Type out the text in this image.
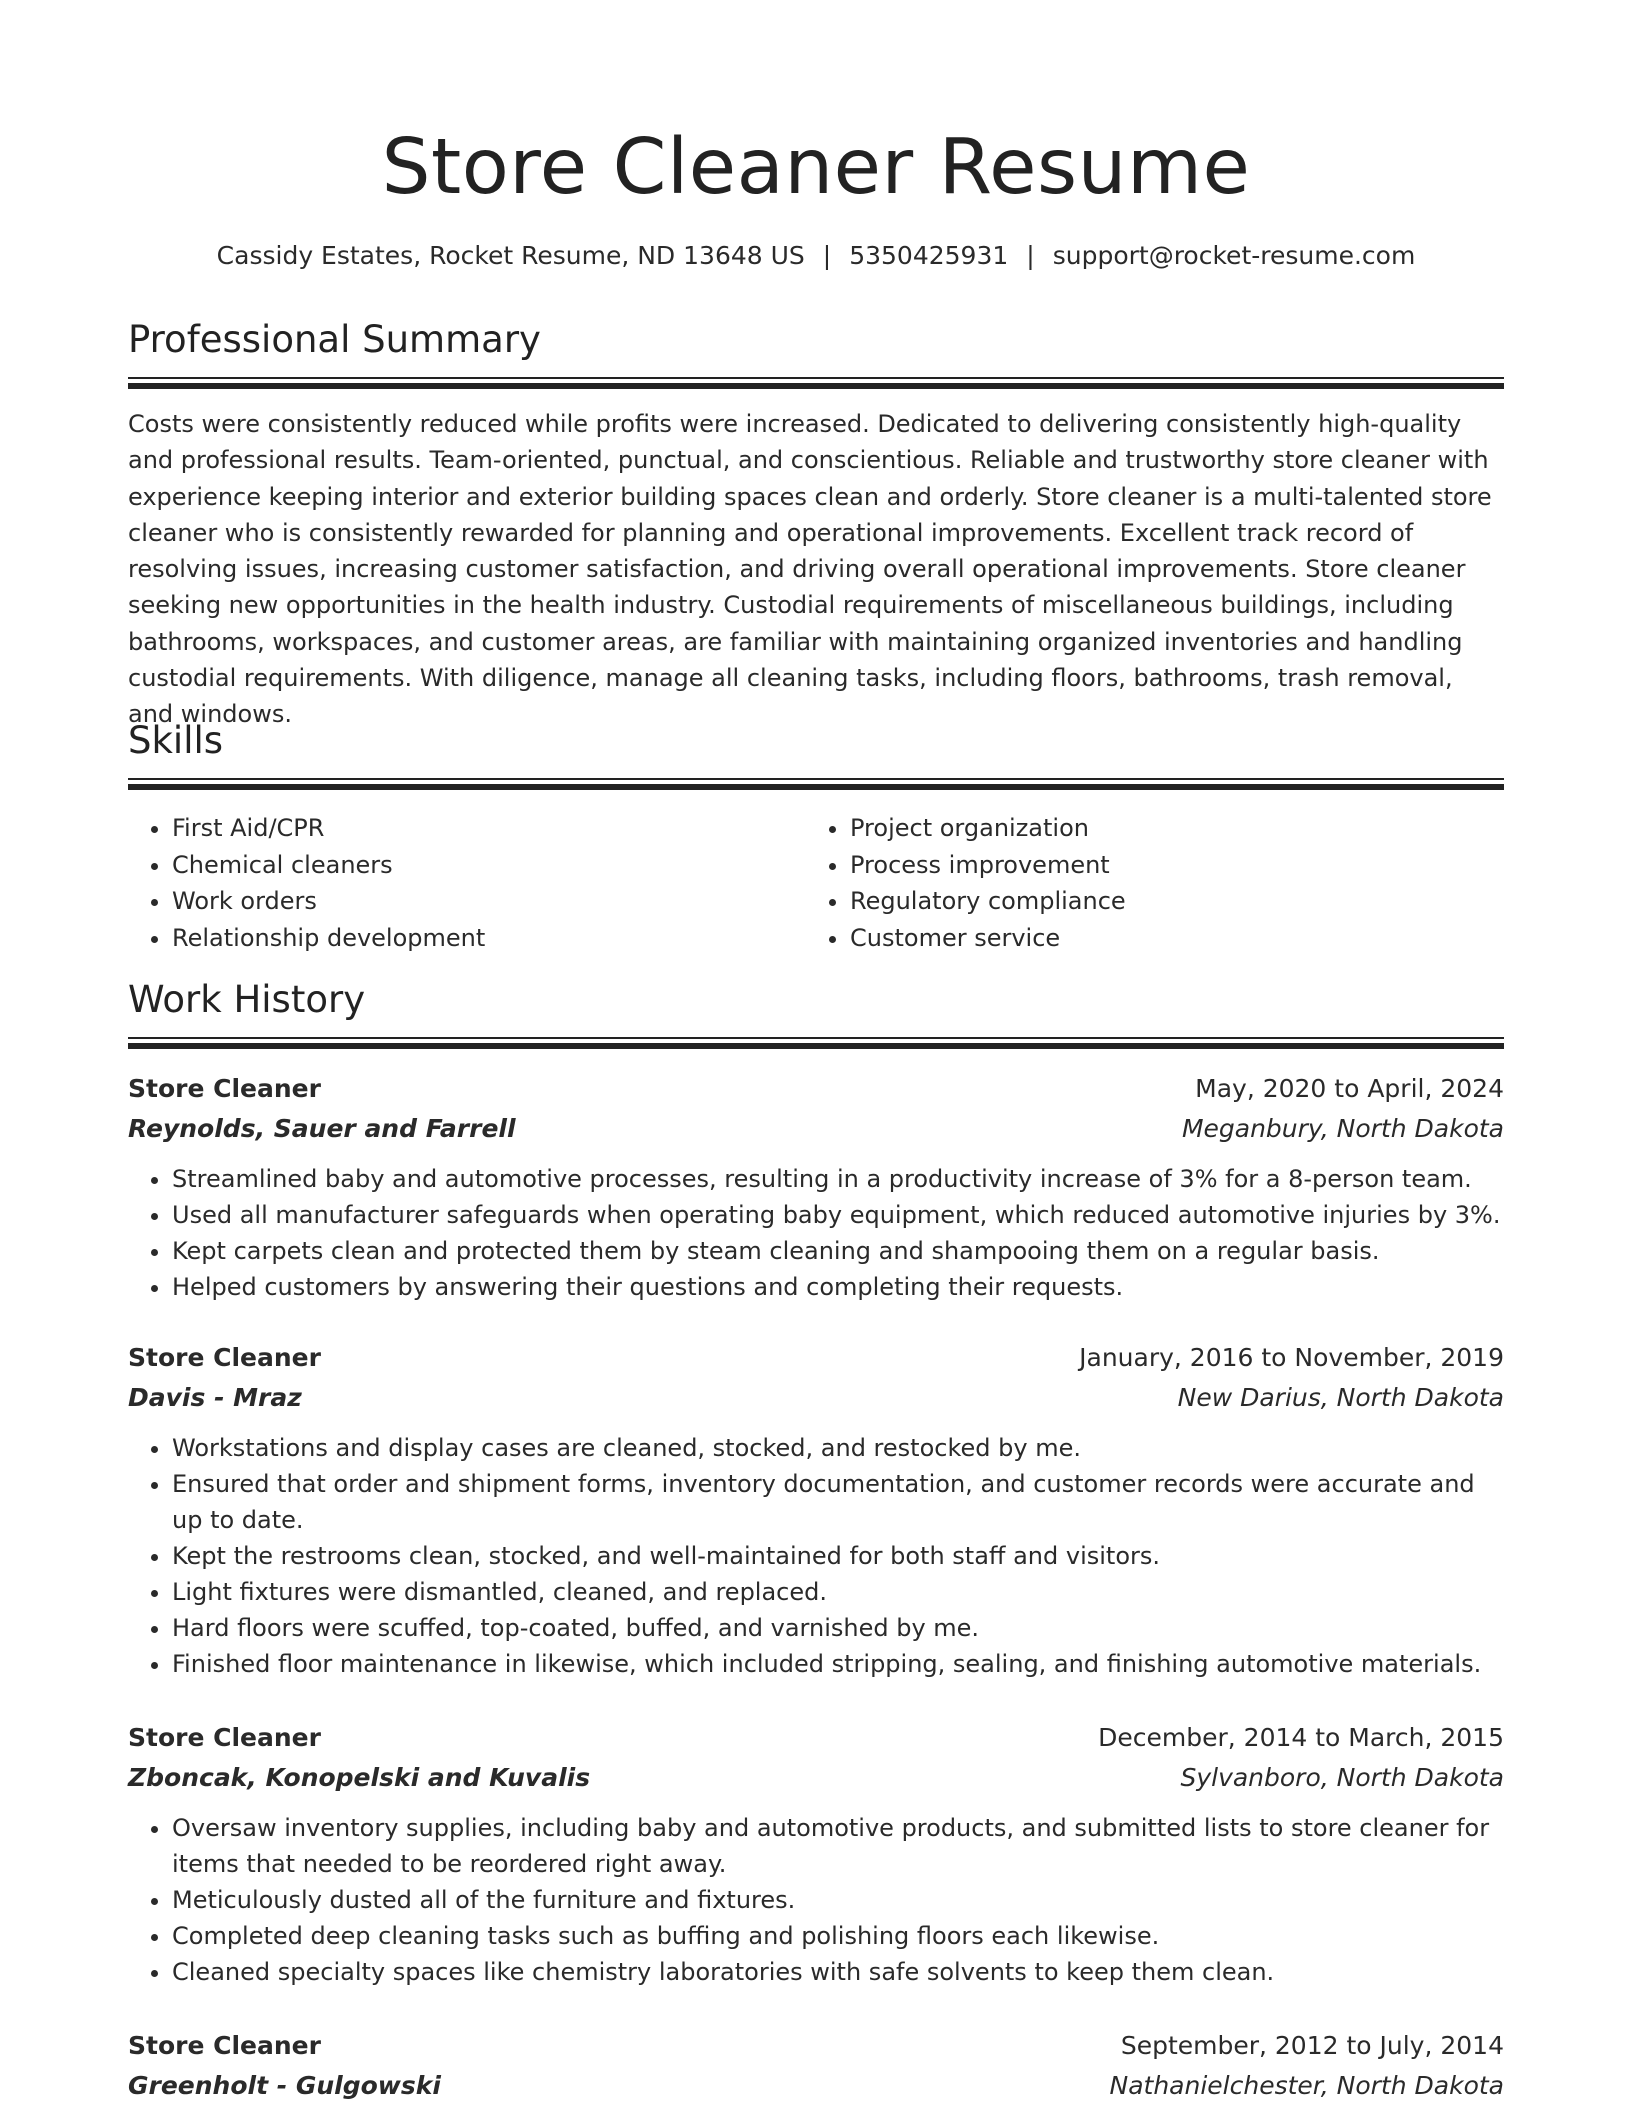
Store Cleaner Resume
Cassidy Estates, Rocket Resume, ND 13648 US | 5350425931 | support@rocket-resume.com
Professional Summary

Costs were consistently reduced while profits were increased. Dedicated to delivering consistently high-quality and professional results. Team-oriented, punctual, and conscientious. Reliable and trustworthy store cleaner with experience keeping interior and exterior building spaces clean and orderly. Store cleaner is a multi-talented store cleaner who is consistently rewarded for planning and operational improvements. Excellent track record of resolving issues, increasing customer satisfaction, and driving overall operational improvements. Store cleaner seeking new opportunities in the health industry. Custodial requirements of miscellaneous buildings, including bathrooms, workspaces, and customer areas, are familiar with maintaining organized inventories and handling custodial requirements. With diligence, manage all cleaning tasks, including floors, bathrooms, trash removal, and windows.

Skills
• First Aid/CPR
• Chemical cleaners
• Work orders
• Relationship development
• Project organization
• Process improvement
• Regulatory compliance
• Customer service
Work History
Store Cleaner	May, 2020 to April, 2024
Reynolds, Sauer and Farrell	Meganbury, North Dakota
• Streamlined baby and automotive processes, resulting in a productivity increase of 3% for a 8-person team.
• Used all manufacturer safeguards when operating baby equipment, which reduced automotive injuries by 3%.
• Kept carpets clean and protected them by steam cleaning and shampooing them on a regular basis.
• Helped customers by answering their questions and completing their requests.
Store Cleaner	January, 2016 to November, 2019
Davis - Mraz	New Darius, North Dakota
• Workstations and display cases are cleaned, stocked, and restocked by me.
• Ensured that order and shipment forms, inventory documentation, and customer records were accurate and up to date.
• Kept the restrooms clean, stocked, and well-maintained for both staff and visitors.
• Light fixtures were dismantled, cleaned, and replaced.
• Hard floors were scuffed, top-coated, buffed, and varnished by me.
• Finished floor maintenance in likewise, which included stripping, sealing, and finishing automotive materials.
Store Cleaner	December, 2014 to March, 2015
Zboncak, Konopelski and Kuvalis	Sylvanboro, North Dakota
• Oversaw inventory supplies, including baby and automotive products, and submitted lists to store cleaner for items that needed to be reordered right away.
• Meticulously dusted all of the furniture and fixtures.
• Completed deep cleaning tasks such as buffing and polishing floors each likewise.
• Cleaned specialty spaces like chemistry laboratories with safe solvents to keep them clean.
Store Cleaner	September, 2012 to July, 2014
Greenholt - Gulgowski	Nathanielchester, North Dakota
